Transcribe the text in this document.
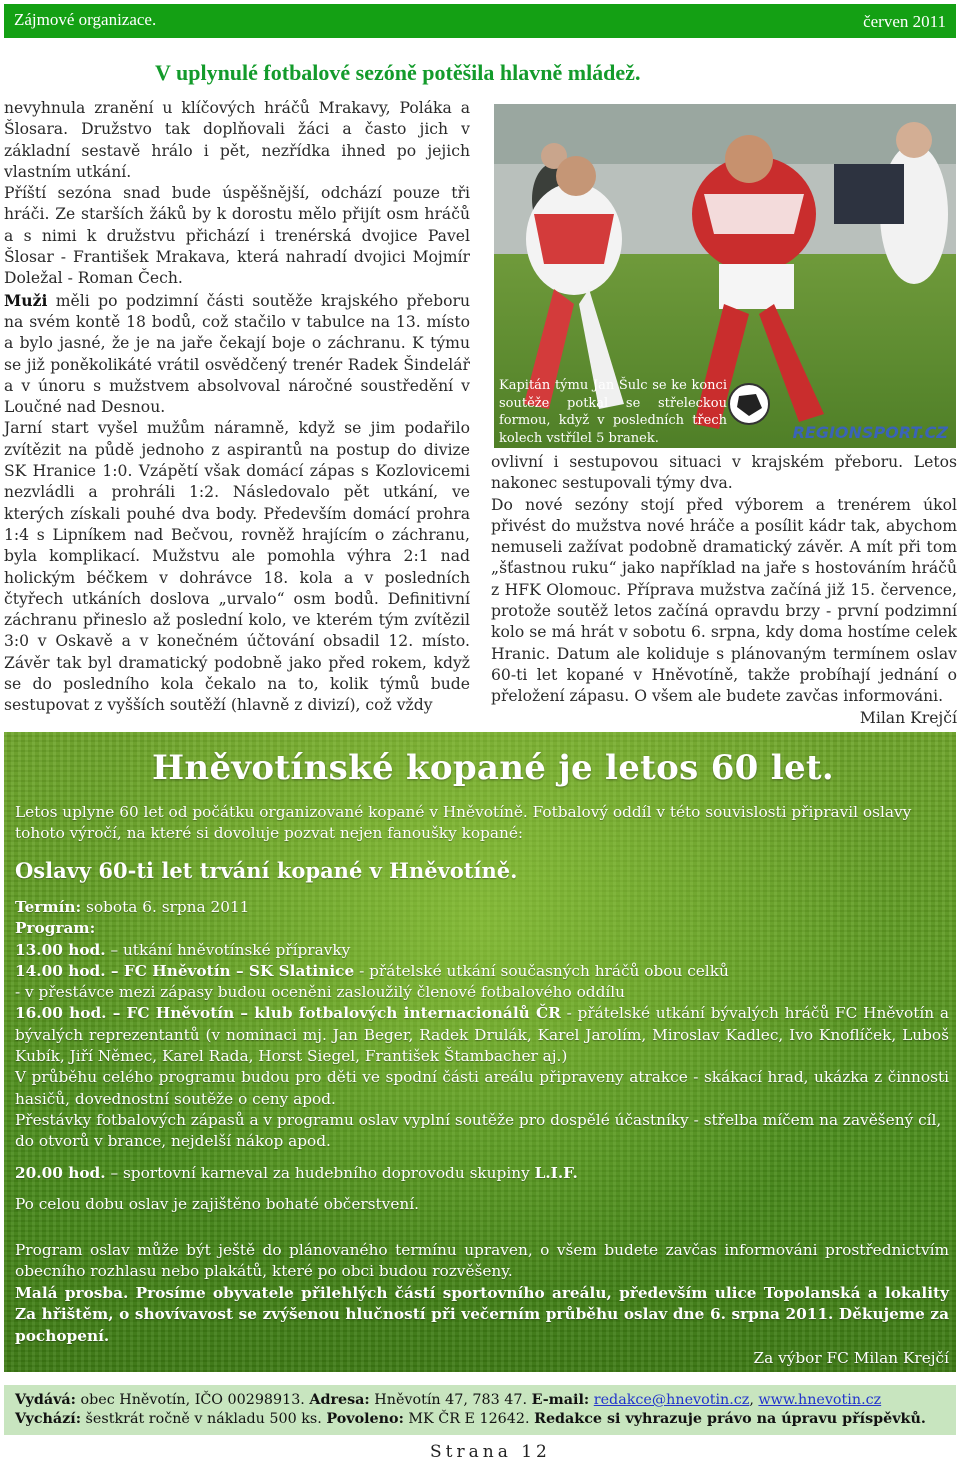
Zájmové organizace.	červen 2011
V uplynulé fotbalové sezóně potěšila hlavně mládež.

nevyhnula zranění u klíčových hráčů Mrakavy, Poláka a Šlosara. Družstvo tak doplňovali žáci a často jich v základní sestavě hrálo i pět, nezřídka ihned po jejich vlastním utkání.

Příští sezóna snad bude úspěšnější, odchází pouze tři hráči. Ze starších žáků by k dorostu mělo přijít osm hráčů a s nimi k družstvu přichází i trenérská dvojice Pavel Šlosar - František Mrakava, která nahradí dvojici Mojmír Doležal - Roman Čech.

Muži měli po podzimní části soutěže krajského přeboru na svém kontě 18 bodů, což stačilo v tabulce na 13. místo a bylo jasné, že je na jaře čekají boje o záchranu. K týmu se již poněkolikáté vrátil osvědčený trenér Radek Šindelář a v únoru s mužstvem absolvoval náročné soustředění v Loučné nad Desnou.

Jarní start vyšel mužům náramně, když se jim podařilo zvítězit na půdě jednoho z aspirantů na postup do divize SK Hranice 1:0. Vzápětí však domácí zápas s Kozlovicemi nezvládli a prohráli 1:2. Následovalo pět utkání, ve kterých získali pouhé dva body. Především domácí prohra 1:4 s Lipníkem nad Bečvou, rovněž hrajícím o záchranu, byla komplikací. Mužstvu ale pomohla výhra 2:1 nad holickým béčkem v dohrávce 18. kola a v posledních čtyřech utkáních doslova „urvalo“ osm bodů. Definitivní záchranu přineslo až poslední kolo, ve kterém tým zvítězil 3:0 v Oskavě a v konečném účtování obsadil 12. místo. Závěr tak byl dramatický podobně jako před rokem, když se do posledního kola čekalo na to, kolik týmů bude sestupovat z vyšších soutěží (hlavně z divizí), což vždy

REGIONSPORT.CZ
Kapitán týmu Jan Šulc se ke konci soutěže potkal se střeleckou formou, když v posledních třech kolech vstřílel 5 branek.

ovlivní i sestupovou situaci v krajském přeboru. Letos nakonec sestupovali týmy dva.

Do nové sezóny stojí před výborem a trenérem úkol přivést do mužstva nové hráče a posílit kádr tak, abychom nemuseli zažívat podobně dramatický závěr. A mít při tom „šťastnou ruku“ jako například na jaře s hostováním hráčů z HFK Olomouc. Příprava mužstva začíná již 15. července, protože soutěž letos začíná opravdu brzy - první podzimní kolo se má hrát v sobotu 6. srpna, kdy doma hostíme celek Hranic. Datum ale koliduje s plánovaným termínem oslav 60-ti let kopané v Hněvotíně, takže probíhají jednání o přeložení zápasu. O všem ale budete zavčas informováni.

Milan Krejčí

Hněvotínské kopané je letos 60 let.
Letos uplyne 60 let od počátku organizované kopané v Hněvotíně. Fotbalový oddíl v této souvislosti připravil oslavy tohoto výročí, na které si dovoluje pozvat nejen fanoušky kopané:
Oslavy 60-ti let trvání kopané v Hněvotíně.
Termín: sobota 6. srpna 2011
Program:
13.00 hod. – utkání hněvotínské přípravky
14.00 hod. – FC Hněvotín – SK Slatinice - přátelské utkání současných hráčů obou celků
- v přestávce mezi zápasy budou oceněni zasloužilý členové fotbalového oddílu
16.00 hod. – FC Hněvotín – klub fotbalových internacionálů ČR - přátelské utkání bývalých hráčů FC Hněvotín a bývalých reprezentantů (v nominaci mj. Jan Beger, Radek Drulák, Karel Jarolím, Miroslav Kadlec, Ivo Knoflíček, Luboš Kubík, Jiří Němec, Karel Rada, Horst Siegel, František Štambacher aj.)
V průběhu celého programu budou pro děti ve spodní části areálu připraveny atrakce - skákací hrad, ukázka z činnosti hasičů, dovednostní soutěže o ceny apod.
Přestávky fotbalových zápasů a v programu oslav vyplní soutěže pro dospělé účastníky - střelba míčem na zavěšený cíl, do otvorů v brance, nejdelší nákop apod.
20.00 hod. – sportovní karneval za hudebního doprovodu skupiny L.I.F.
Po celou dobu oslav je zajištěno bohaté občerstvení.
Program oslav může být ještě do plánovaného termínu upraven, o všem budete zavčas informováni prostřednictvím obecního rozhlasu nebo plakátů, které po obci budou rozvěšeny.
Malá prosba. Prosíme obyvatele přilehlých částí sportovního areálu, především ulice Topolanská a lokality Za hřištěm, o shovívavost se zvýšenou hlučností při večerním průběhu oslav dne 6. srpna 2011. Děkujeme za pochopení.
Za výbor FC Milan Krejčí
Vydává: obec Hněvotín, IČO 00298913. Adresa: Hněvotín 47, 783 47. E-mail: redakce@hnevotin.cz, www.hnevotin.cz
Vychází: šestkrát ročně v nákladu 500 ks. Povoleno: MK ČR E 12642. Redakce si vyhrazuje právo na úpravu příspěvků.
Strana 12
